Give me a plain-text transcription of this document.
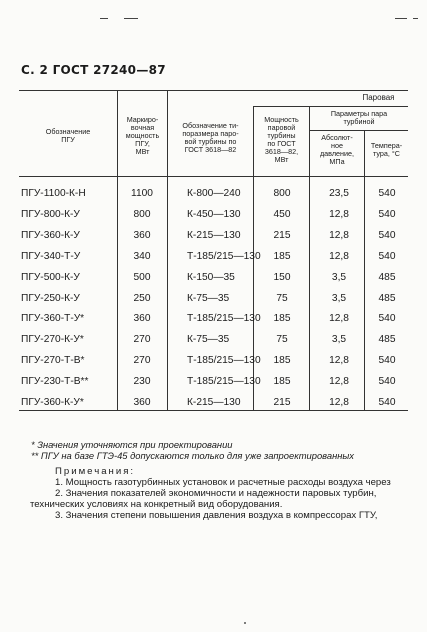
С. 2 ГОСТ 27240—87
Паровая
Обозначение
ПГУ
Маркиро-
вочная
мощность
ПГУ,
МВт
Обозначение ти-
поразмера паро-
вой турбины по
ГОСТ 3618—82
Мощность
паровой
турбины
по ГОСТ
3618—82,
МВт
Параметры пара
турбиной
Абсолют-
ное
давление,
МПа
Темпера-
тура, °С
ПГУ-1100-К-Н	1100	К-800—240	800	23,5	540
ПГУ-800-К-У	800	К-450—130	450	12,8	540
ПГУ-360-К-У	360	К-215—130	215	12,8	540
ПГУ-340-Т-У	340	Т-185/215—130	185	12,8	540
ПГУ-500-К-У	500	К-150—35	150	3,5	485
ПГУ-250-К-У	250	К-75—35	75	3,5	485
ПГУ-360-Т-У*	360	Т-185/215—130	185	12,8	540
ПГУ-270-К-У*	270	К-75—35	75	3,5	485
ПГУ-270-Т-В*	270	Т-185/215—130	185	12,8	540
ПГУ-230-Т-В**	230	Т-185/215—130	185	12,8	540
ПГУ-360-К-У*	360	К-215—130	215	12,8	540
* Значения уточняются при проектировании
** ПГУ на базе ГТЭ-45 допускаются только для уже запроектированных
Примечания:
1. Мощность газотурбинных установок и расчетные расходы воздуха через
2. Значения показателей экономичности и надежности паровых турбин,
технических условиях на конкретный вид оборудования.
3. Значения степени повышения давления воздуха в компрессорах ГТУ,
